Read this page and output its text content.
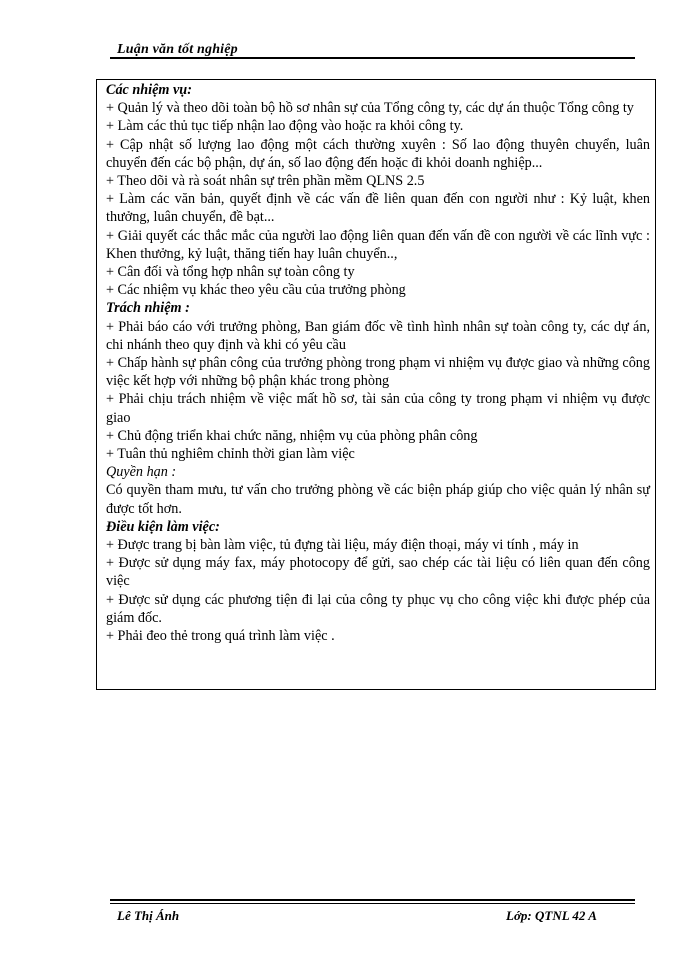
Luận văn tốt nghiệp

Các nhiệm vụ:

+ Quản lý và theo dõi toàn bộ hồ sơ nhân sự của Tổng công ty, các dự án thuộc Tổng công ty

+ Làm các thủ tục tiếp nhận lao động vào hoặc ra khỏi công ty.

+ Cập nhật số lượng lao động một cách thường xuyên : Số lao động thuyên chuyển, luân chuyển đến các bộ phận, dự án, số lao động đến hoặc đi khỏi doanh nghiệp...

+ Theo dõi và rà soát nhân sự trên phần mềm QLNS 2.5

+ Làm các văn bản, quyết định về các vấn đề liên quan đến con người như : Kỷ luật, khen thưởng, luân chuyển, đề bạt...

+ Giải quyết các thắc mắc của người lao động liên quan đến vấn đề con người về các lĩnh vực : Khen thưởng, kỷ luật, thăng tiến hay luân chuyển..,

+ Cân đối và tổng hợp nhân sự toàn công ty

+ Các nhiệm vụ khác theo yêu cầu của trưởng phòng

Trách nhiệm :

+ Phải báo cáo với trưởng phòng, Ban giám đốc về tình hình nhân sự toàn công ty, các dự án, chi nhánh theo quy định và khi có yêu cầu

+ Chấp hành sự phân công của trưởng phòng trong phạm vi nhiệm vụ được giao và những công việc kết hợp với những bộ phận khác trong phòng

+ Phải chịu trách nhiệm về việc mất hồ sơ, tài sản của công ty trong phạm vi nhiệm vụ được giao

+ Chủ động triển khai chức năng, nhiệm vụ của phòng phân công

+ Tuân thủ nghiêm chỉnh thời gian làm việc

Quyền hạn :

Có quyền tham mưu, tư vấn cho trưởng phòng về các biện pháp giúp cho việc quản lý nhân sự được tốt hơn.

Điều kiện làm việc:

+ Được trang bị bàn làm việc, tủ đựng tài liệu, máy điện thoại, máy vi tính , máy in

+ Được sử dụng máy fax, máy photocopy để gửi, sao chép các tài liệu có liên quan đến công việc

+ Được sử dụng các phương tiện đi lại của công ty phục vụ cho công việc khi được phép của giám đốc.

+ Phải đeo thẻ trong quá trình làm việc .

Lê Thị Ánh	Lớp: QTNL 42 A
